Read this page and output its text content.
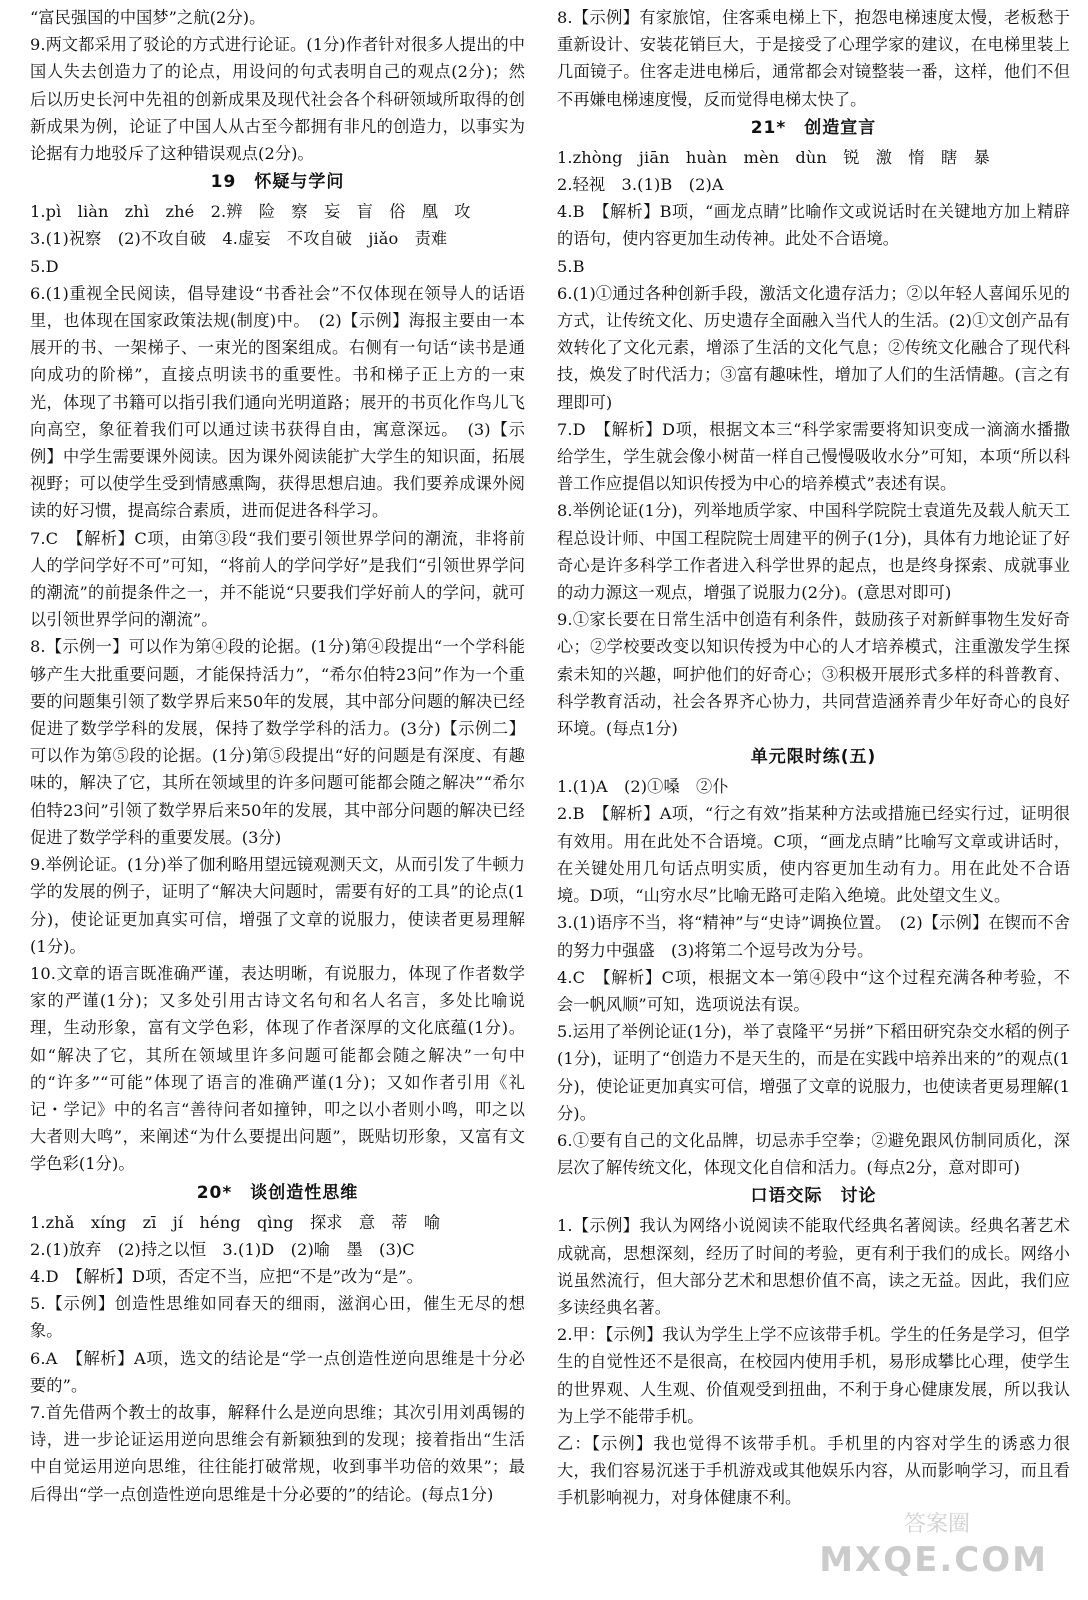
“富民强国的中国梦”之航(2分)。

9.两文都采用了驳论的方式进行论证。(1分)作者针对很多人提出的中国人失去创造力了的论点，用设问的句式表明自己的观点(2分)；然后以历史长河中先祖的创新成果及现代社会各个科研领域所取得的创新成果为例，论证了中国人从古至今都拥有非凡的创造力，以事实为论据有力地驳斥了这种错误观点(2分)。

19　怀疑与学问

1.pì　liàn　zhì　zhé　2.辨　险　察　妄　盲　俗　凰　攻

3.(1)祝察　(2)不攻自破　4.虚妄　不攻自破　jiǎo　责难

5.D

6.(1)重视全民阅读，倡导建设“书香社会”不仅体现在领导人的话语里，也体现在国家政策法规(制度)中。　(2)【示例】海报主要由一本展开的书、一架梯子、一束光的图案组成。右侧有一句话“读书是通向成功的阶梯”，直接点明读书的重要性。书和梯子正上方的一束光，体现了书籍可以指引我们通向光明道路；展开的书页化作鸟儿飞向高空，象征着我们可以通过读书获得自由，寓意深远。　(3)【示例】中学生需要课外阅读。因为课外阅读能扩大学生的知识面，拓展视野；可以使学生受到情感熏陶，获得思想启迪。我们要养成课外阅读的好习惯，提高综合素质，进而促进各科学习。

7.C　【解析】C项，由第③段“我们要引领世界学问的潮流，非将前人的学问学好不可”可知，“将前人的学问学好”是我们“引领世界学问的潮流”的前提条件之一，并不能说“只要我们学好前人的学问，就可以引领世界学问的潮流”。

8.【示例一】可以作为第④段的论据。(1分)第④段提出“一个学科能够产生大批重要问题，才能保持活力”，“希尔伯特23问”作为一个重要的问题集引领了数学界后来50年的发展，其中部分问题的解决已经促进了数学学科的发展，保持了数学学科的活力。(3分)【示例二】可以作为第⑤段的论据。(1分)第⑤段提出“好的问题是有深度、有趣味的，解决了它，其所在领域里的许多问题可能都会随之解决”“希尔伯特23问”引领了数学界后来50年的发展，其中部分问题的解决已经促进了数学学科的重要发展。(3分)

9.举例论证。(1分)举了伽利略用望远镜观测天文，从而引发了牛顿力学的发展的例子，证明了“解决大问题时，需要有好的工具”的论点(1分)，使论证更加真实可信，增强了文章的说服力，使读者更易理解(1分)。

10.文章的语言既准确严谨，表达明晰，有说服力，体现了作者数学家的严谨(1分)；又多处引用古诗文名句和名人名言，多处比喻说理，生动形象，富有文学色彩，体现了作者深厚的文化底蕴(1分)。如“解决了它，其所在领域里许多问题可能都会随之解决”一句中的“许多”“可能”体现了语言的准确严谨(1分)；又如作者引用《礼记・学记》中的名言“善待问者如撞钟，叩之以小者则小鸣，叩之以大者则大鸣”，来阐述“为什么要提出问题”，既贴切形象，又富有文学色彩(1分)。

20*　谈创造性思维

1.zhǎ　xíng　zī　jí　héng　qìng　探求　意　蒂　喻

2.(1)放弃　(2)持之以恒　3.(1)D　(2)喻　墨　(3)C

4.D　【解析】D项，否定不当，应把“不是”改为“是”。

5.【示例】创造性思维如同春天的细雨，滋润心田，催生无尽的想象。

6.A　【解析】A项，选文的结论是“学一点创造性逆向思维是十分必要的”。

7.首先借两个教士的故事，解释什么是逆向思维；其次引用刘禹锡的诗，进一步论证运用逆向思维会有新颖独到的发现；接着指出“生活中自觉运用逆向思维，往往能打破常规，收到事半功倍的效果”；最后得出“学一点创造性逆向思维是十分必要的”的结论。(每点1分)

8.【示例】有家旅馆，住客乘电梯上下，抱怨电梯速度太慢，老板愁于重新设计、安装花销巨大，于是接受了心理学家的建议，在电梯里装上几面镜子。住客走进电梯后，通常都会对镜整装一番，这样，他们不但不再嫌电梯速度慢，反而觉得电梯太快了。

21*　创造宣言

1.zhòng　jiān　huàn　mèn　dùn　锐　激　惰　瞎　暴

2.轻视　3.(1)B　(2)A

4.B　【解析】B项，“画龙点睛”比喻作文或说话时在关键地方加上精辟的语句，使内容更加生动传神。此处不合语境。

5.B

6.(1)①通过各种创新手段，激活文化遗存活力；②以年轻人喜闻乐见的方式，让传统文化、历史遗存全面融入当代人的生活。(2)①文创产品有效转化了文化元素，增添了生活的文化气息；②传统文化融合了现代科技，焕发了时代活力；③富有趣味性，增加了人们的生活情趣。(言之有理即可)

7.D　【解析】D项，根据文本三“科学家需要将知识变成一滴滴水播撒给学生，学生就会像小树苗一样自己慢慢吸收水分”可知，本项“所以科普工作应提倡以知识传授为中心的培养模式”表述有误。

8.举例论证(1分)，列举地质学家、中国科学院院士袁道先及载人航天工程总设计师、中国工程院院士周建平的例子(1分)，具体有力地论证了好奇心是许多科学工作者进入科学世界的起点，也是终身探索、成就事业的动力源这一观点，增强了说服力(2分)。(意思对即可)

9.①家长要在日常生活中创造有利条件，鼓励孩子对新鲜事物生发好奇心；②学校要改变以知识传授为中心的人才培养模式，注重激发学生探索未知的兴趣，呵护他们的好奇心；③积极开展形式多样的科普教育、科学教育活动，社会各界齐心协力，共同营造涵养青少年好奇心的良好环境。(每点1分)

单元限时练(五)

1.(1)A　(2)①嗓　②仆

2.B　【解析】A项，“行之有效”指某种方法或措施已经实行过，证明很有效用。用在此处不合语境。C项，“画龙点睛”比喻写文章或讲话时，在关键处用几句话点明实质，使内容更加生动有力。用在此处不合语境。D项，“山穷水尽”比喻无路可走陷入绝境。此处望文生义。

3.(1)语序不当，将“精神”与“史诗”调换位置。　(2)【示例】在锲而不舍的努力中强盛　(3)将第二个逗号改为分号。

4.C　【解析】C项，根据文本一第④段中“这个过程充满各种考验，不会一帆风顺”可知，选项说法有误。

5.运用了举例论证(1分)，举了袁隆平“另拼”下稻田研究杂交水稻的例子(1分)，证明了“创造力不是天生的，而是在实践中培养出来的”的观点(1分)，使论证更加真实可信，增强了文章的说服力，也使读者更易理解(1分)。

6.①要有自己的文化品牌，切忌赤手空拳；②避免跟风仿制同质化，深层次了解传统文化，体现文化自信和活力。(每点2分，意对即可)

口语交际　讨论

1.【示例】我认为网络小说阅读不能取代经典名著阅读。经典名著艺术成就高，思想深刻，经历了时间的考验，更有利于我们的成长。网络小说虽然流行，但大部分艺术和思想价值不高，读之无益。因此，我们应多读经典名著。

2.甲：【示例】我认为学生上学不应该带手机。学生的任务是学习，但学生的自觉性还不是很高，在校园内使用手机，易形成攀比心理，使学生的世界观、人生观、价值观受到扭曲，不利于身心健康发展，所以我认为上学不能带手机。

乙：【示例】我也觉得不该带手机。手机里的内容对学生的诱惑力很大，我们容易沉迷于手机游戏或其他娱乐内容，从而影响学习，而且看手机影响视力，对身体健康不利。

答案圈
MXQE.COM
